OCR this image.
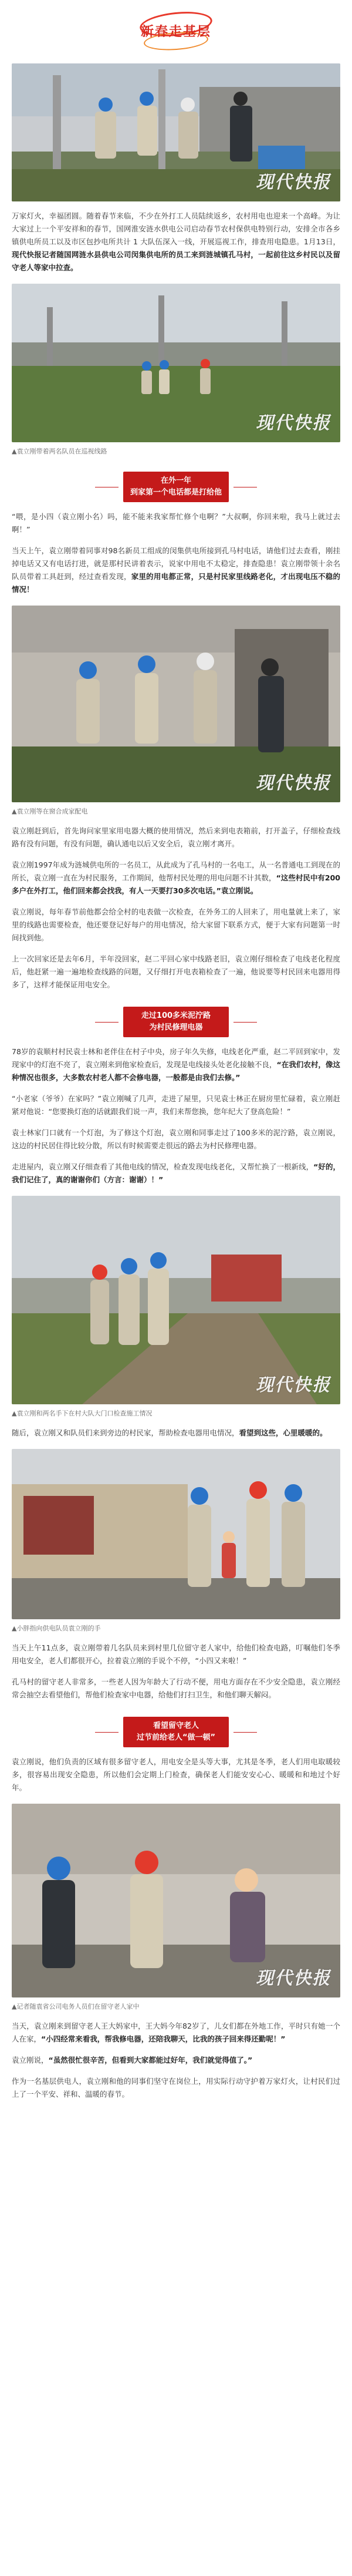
新春走基层
现代快报

万家灯火，幸福团圆。随着春节来临，不少在外打工人员陆续返乡，农村用电也迎来一个高峰。为让大家过上一个平安祥和的春节，国网淮安涟水供电公司启动春节农村保供电特别行动，安排全市各乡镇供电所员工以及市区包抄电所共计 1 大队伍深入一线，开展巡视工作，排查用电隐患。1月13日，现代快报记者随国网涟水县供电公司闵集供电所的员工来到涟城镇孔马村，一起前往这乡村民以及留守老人等家中拉查。

现代快报

▲袁立刚带着两名队员在巡视线路

在外一年
到家第一个电话都是打给他

“喂，是小四（袁立刚小名）吗，能不能来我家帮忙修个电啊？”大叔啊，你回来啦，我马上就过去啊！”

当天上午，袁立刚带着同事对98名新员工组成的闵集供电所接到孔马村电话，请他们过去查看，刚挂掉电话又又有电话打进，就是那村民讲着表示，说家中用电不太稳定，排查隐患！袁立刚带领十余名队员带着工具赶到，经过查看发现，家里的用电都正常，只是村民家里线路老化，才出现电压不稳的情况！

现代快报

▲袁立刚等在窗合成家配电

袁立刚赶到后，首先询问家里家用电器大概的使用情况，然后来到电表箱前，打开盖子，仔细检查线路有没有问题，有没有问题，确认通电以后又安全后，袁立刚才离开。

袁立刚1997年成为涟城供电所的一名员工，从此成为了孔马村的一名电工，从一名普通电工到现在的所长，袁立刚一直在为村民服务，工作期间，他帮村民处理的用电问题不计其数，“这些村民中有200多户在外打工，他们回来都会找我，有人一天要打30多次电话。”袁立刚说。

袁立刚说，每年春节前他都会给全村的电表做一次检查，在外务工的人回来了，用电量就上来了，家里的线路也需要检查，他还要登记好每户的用电情况，给大家留下联系方式，便于大家有问题第一时间找到他。

上一次回家还是去年6月，半年没回家，赵二平回心家中线路老旧，袁立刚仔细检查了电线老化程度后，他赶紧一遍一遍地检查线路的问题，又仔细打开电表箱检查了一遍，他说要等村民回来电器用得多了，这样才能保证用电安全。

走过100多米泥泞路
为村民修理电器

78岁的袁顺村村民袁士林和老伴住在村子中央，房子年久失修，电线老化严重，赵二平回到家中，发现家中的灯泡不亮了，袁立刚来到他家检查后，发现是电线接头处老化接触不良，“在我们农村，像这种情况也很多，大多数农村老人都不会修电器，一般都是由我们去修。”

“小老家（爷爷）在家吗？”袁立刚喊了几声，走进了屋里，只见袁士林正在厨房里忙碌着，袁立刚赶紧对他说：“您要换灯泡的话就跟我们说一声，我们来帮您换，您年纪大了登高危险！”

袁士林家门口就有一个灯泡，为了修这个灯泡，袁立刚和同事走过了100多米的泥泞路，袁立刚说，这边的村民居住得比较分散，所以有时候需要走很远的路去为村民修理电器。

走进屋内，袁立刚又仔细查看了其他电线的情况，检查发现电线老化，又帮忙换了一根新线，“好的，我们记住了，真的谢谢你们（方言：谢谢）！”

现代快报

▲袁立刚和两名手下在村大队大门口检查施工情况

随后，袁立刚又和队员们来到旁边的村民家，帮助检查电器用电情况，看望到这些，心里暖暖的。

▲小胖指向供电队员袁立刚的手

当天上午11点多，袁立刚带着几名队员来到村里几位留守老人家中，给他们检查电路，叮嘱他们冬季用电安全，老人们都很开心，拉着袁立刚的手说个不停，“小四又来啦！”

孔马村的留守老人非常多，一些老人因为年龄大了行动不便，用电方面存在不少安全隐患，袁立刚经常会抽空去看望他们，帮他们检查家中电器，给他们打扫卫生，和他们聊天解闷。

看望留守老人
过节前给老人“做一顿”

袁立刚说，他们负责的区域有很多留守老人，用电安全是头等大事，尤其是冬季，老人们用电取暖较多，很容易出现安全隐患，所以他们会定期上门检查，确保老人们能安安心心、暖暖和和地过个好年。

现代快报

▲记者随袁省公司电务人员们在留守老人家中

当天，袁立刚来到留守老人王大妈家中，王大妈今年82岁了，儿女们都在外地工作，平时只有她一个人在家，“小四经常来看我，帮我修电器，还陪我聊天，比我的孩子回来得还勤呢！”

袁立刚说，“虽然很忙很辛苦，但看到大家都能过好年，我们就觉得值了。”

作为一名基层供电人，袁立刚和他的同事们坚守在岗位上，用实际行动守护着万家灯火，让村民们过上了一个平安、祥和、温暖的春节。
